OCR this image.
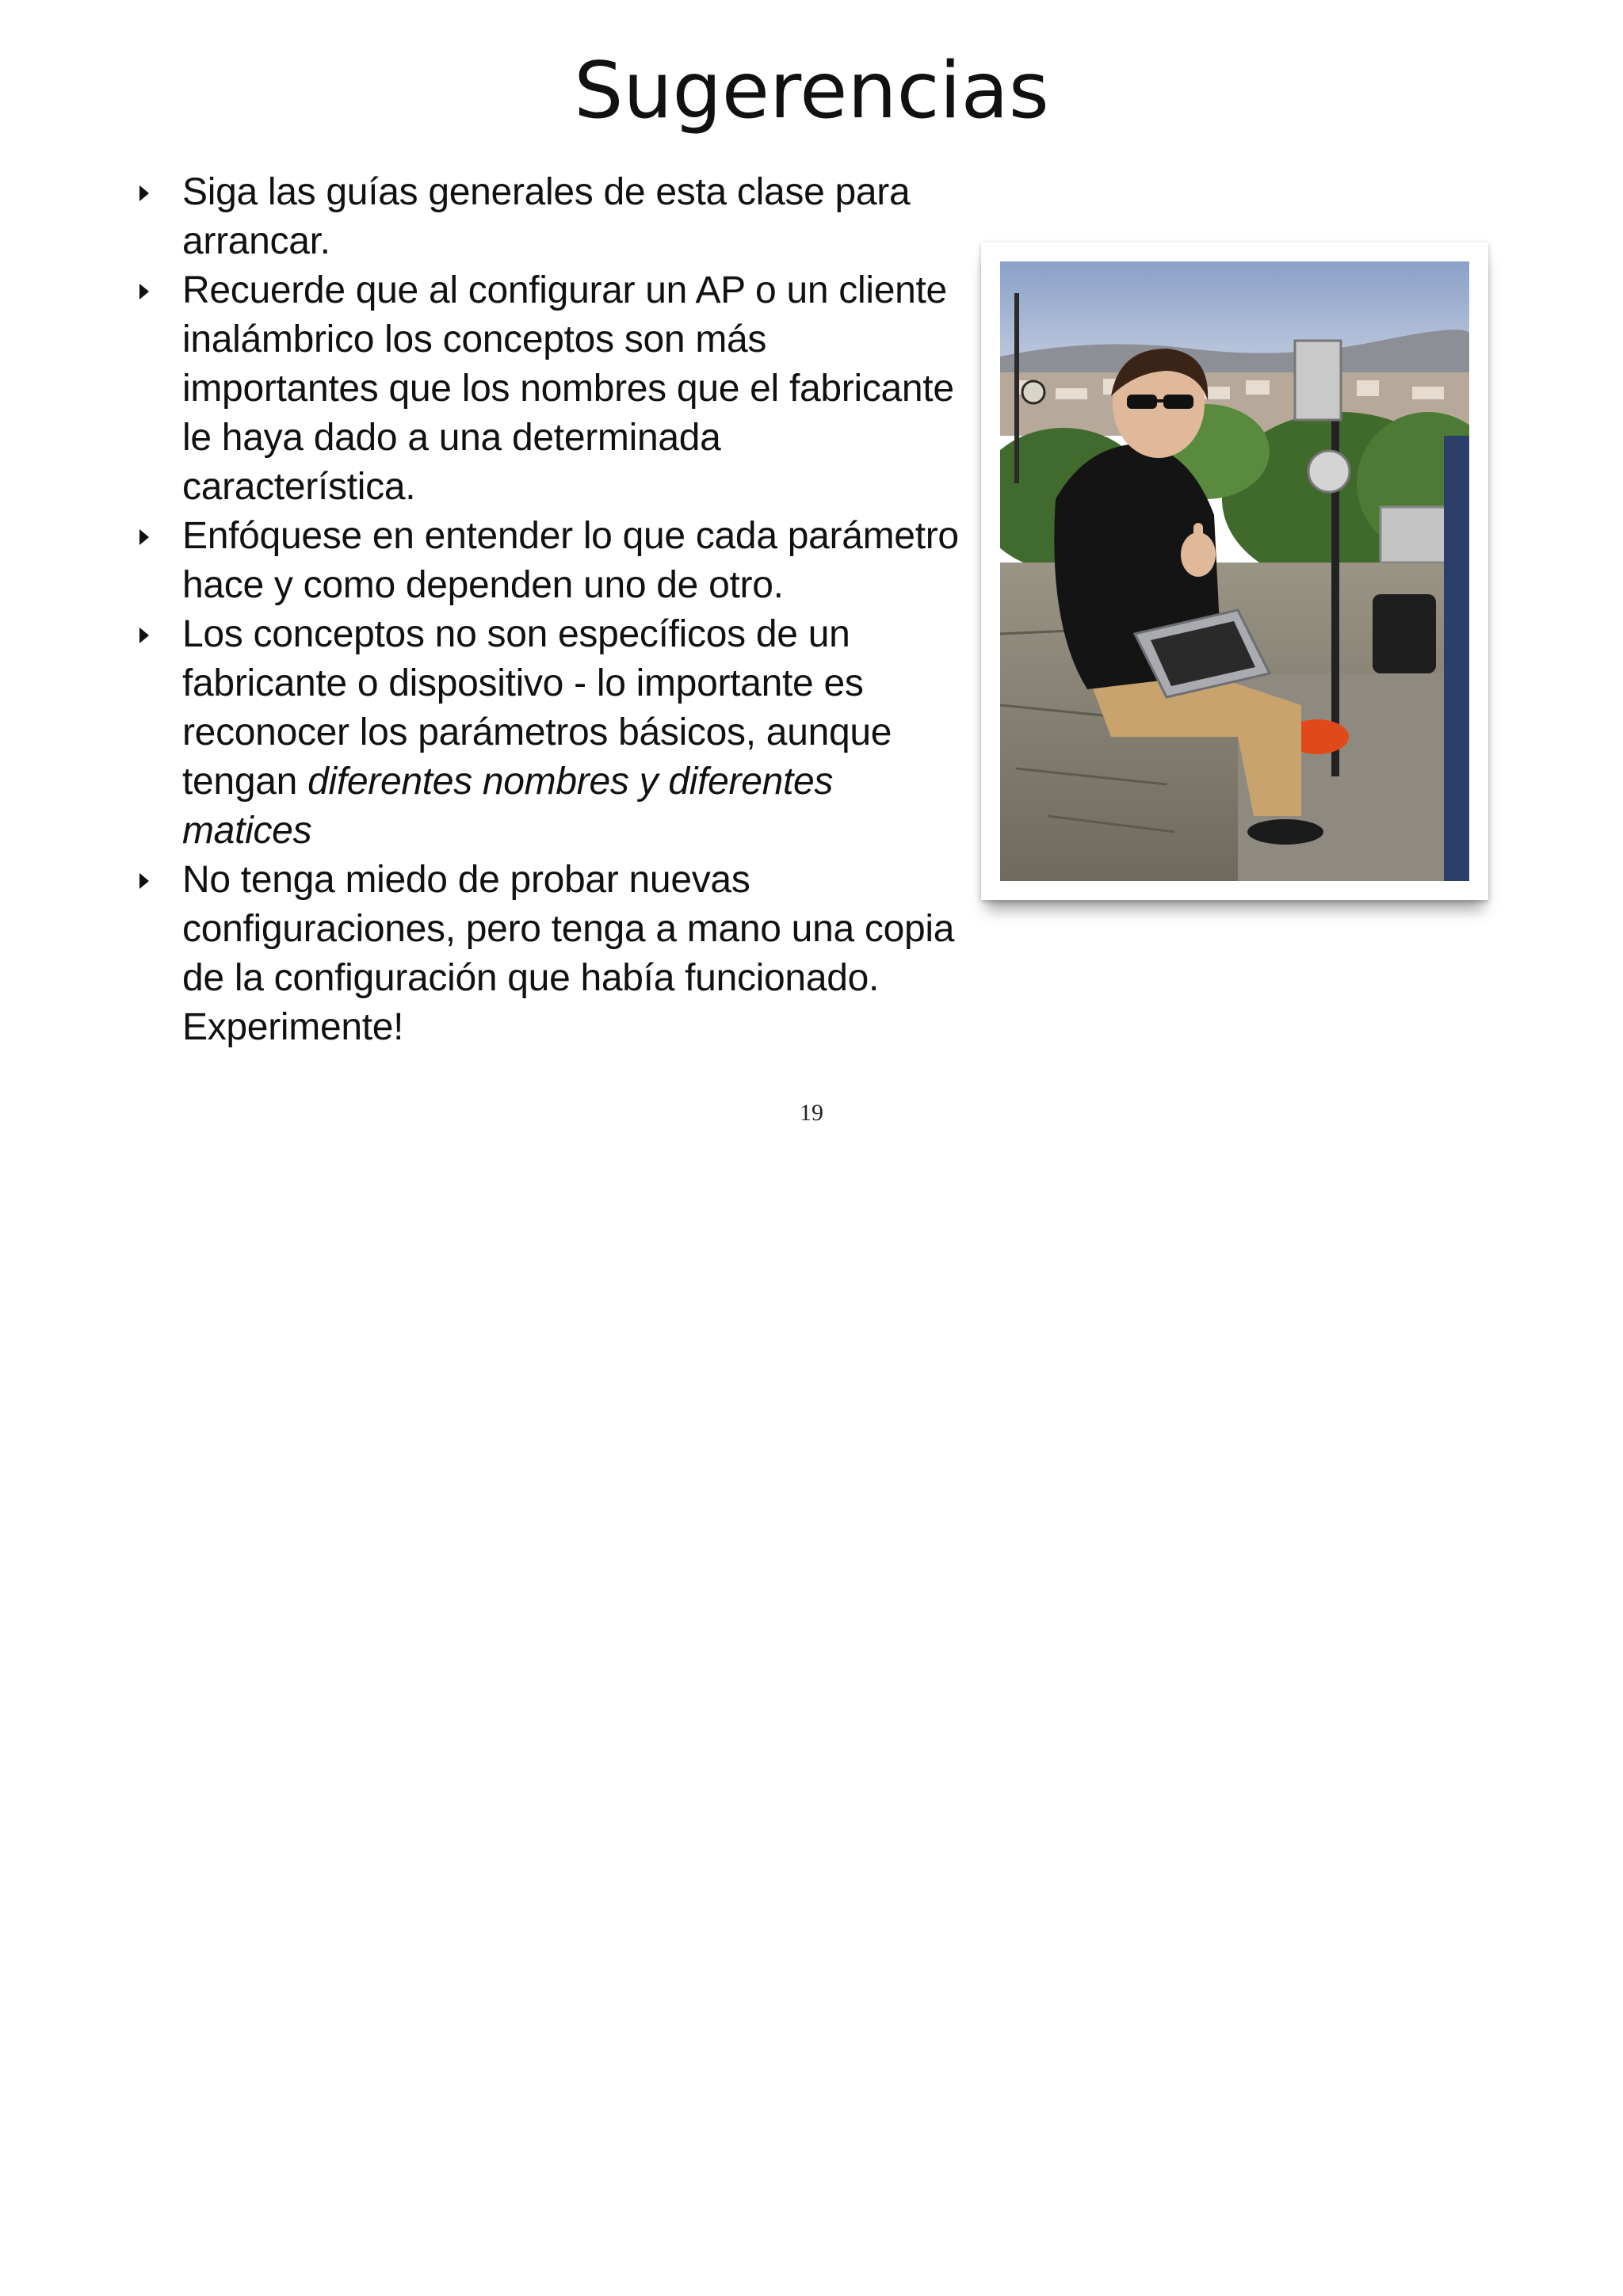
Sugerencias
Siga las guías generales de esta clase para arrancar.
Recuerde que al configurar un AP o un cliente inalámbrico los conceptos son más importantes que los nombres que el fabricante le haya dado a una determinada característica.
Enfóquese en entender lo que cada parámetro hace y como dependen uno de otro.
Los conceptos no son específicos de un fabricante o dispositivo - lo importante es reconocer los parámetros básicos, aunque tengan diferentes nombres y diferentes matices
No tenga miedo de probar nuevas configuraciones, pero tenga a mano una copia de la configuración que había funcionado. Experimente!
19
